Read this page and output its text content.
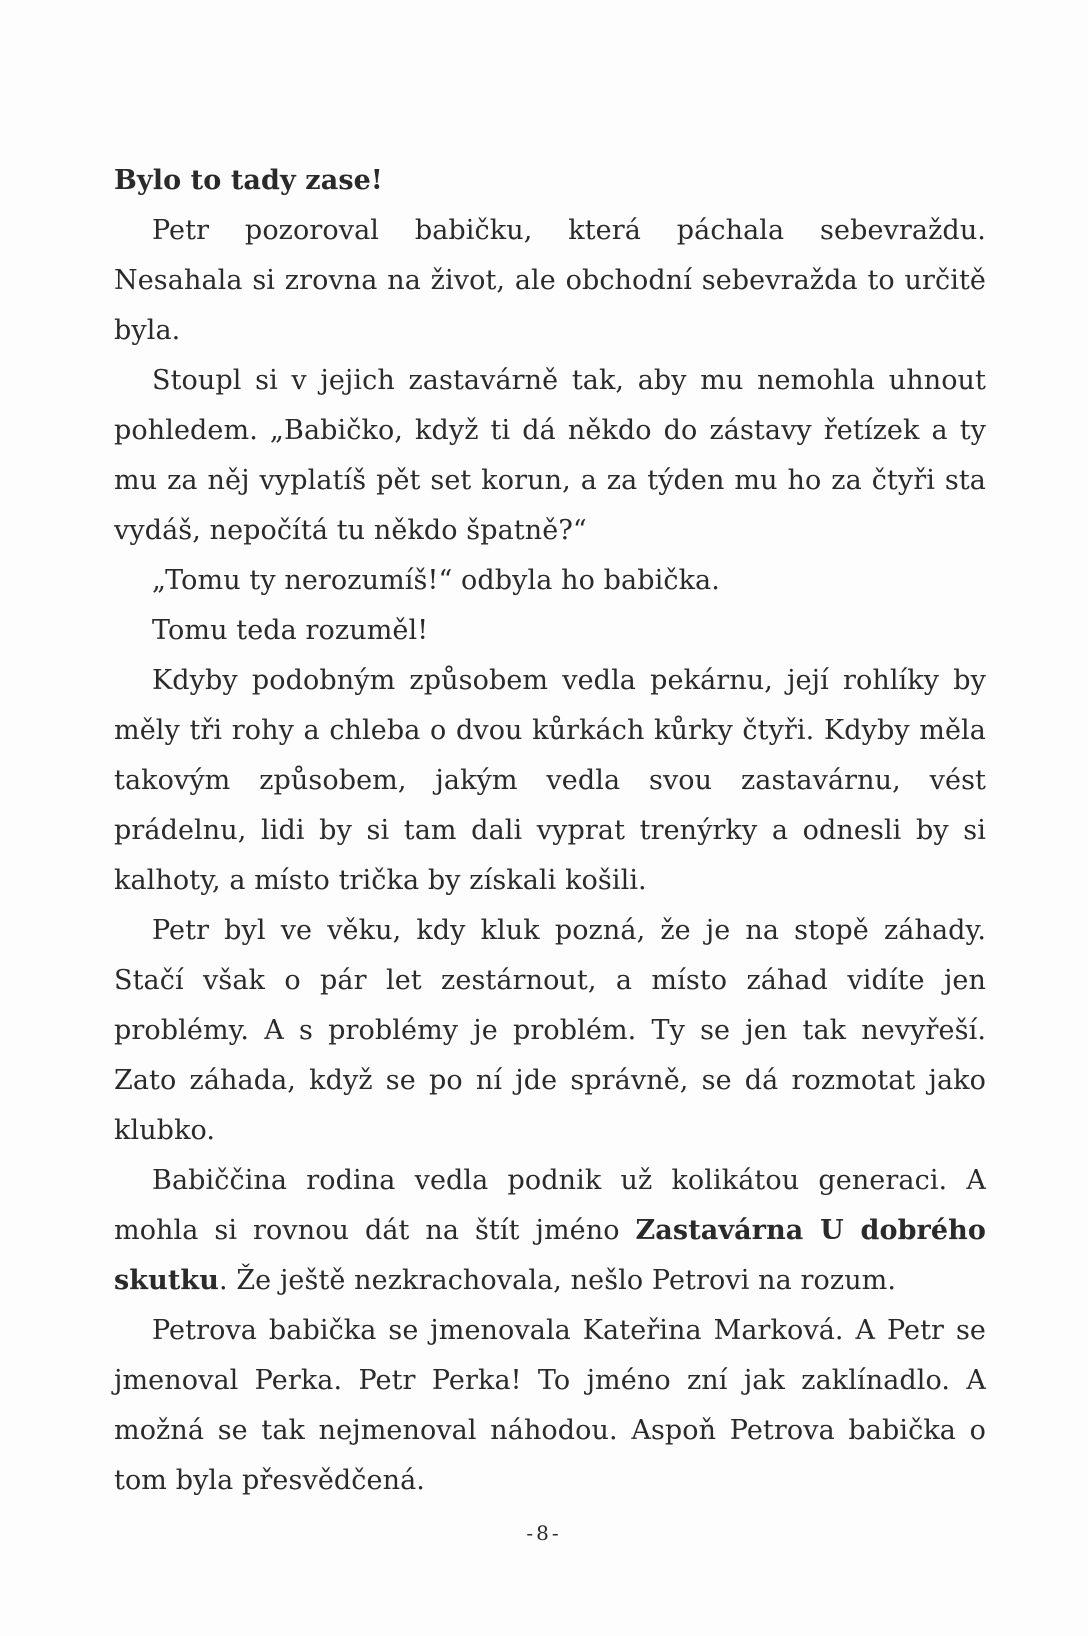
Bylo to tady zase!

Petr pozoroval babičku, která páchala sebevraždu. Nesahala si zrovna na život, ale obchodní sebevražda to určitě byla.

Stoupl si v jejich zastavárně tak, aby mu nemohla uhnout pohledem. „Babičko, když ti dá někdo do zástavy řetízek a ty mu za něj vyplatíš pět set korun, a za týden mu ho za čtyři sta vydáš, nepočítá tu někdo špatně?“

„Tomu ty nerozumíš!“ odbyla ho babička.

Tomu teda rozuměl!

Kdyby podobným způsobem vedla pekárnu, její rohlíky by měly tři rohy a chleba o dvou kůrkách kůrky čtyři. Kdyby měla takovým způsobem, jakým vedla svou zastavárnu, vést prádelnu, lidi by si tam dali vyprat trenýrky a odnesli by si kalhoty, a místo trička by získali košili.

Petr byl ve věku, kdy kluk pozná, že je na stopě záhady. Stačí však o pár let zestárnout, a místo záhad vidíte jen problémy. A s problémy je problém. Ty se jen tak nevyřeší. Zato záhada, když se po ní jde správně, se dá rozmotat jako klubko.

Babiččina rodina vedla podnik už kolikátou generaci. A mohla si rovnou dát na štít jméno Zastavárna U dobrého skutku. Že ještě nezkrachovala, nešlo Petrovi na rozum.

Petrova babička se jmenovala Kateřina Marková. A Petr se jmenoval Perka. Petr Perka! To jméno zní jak zaklínadlo. A možná se tak nejmenoval náhodou. Aspoň Petrova babička o tom byla přesvědčená.

-8-
